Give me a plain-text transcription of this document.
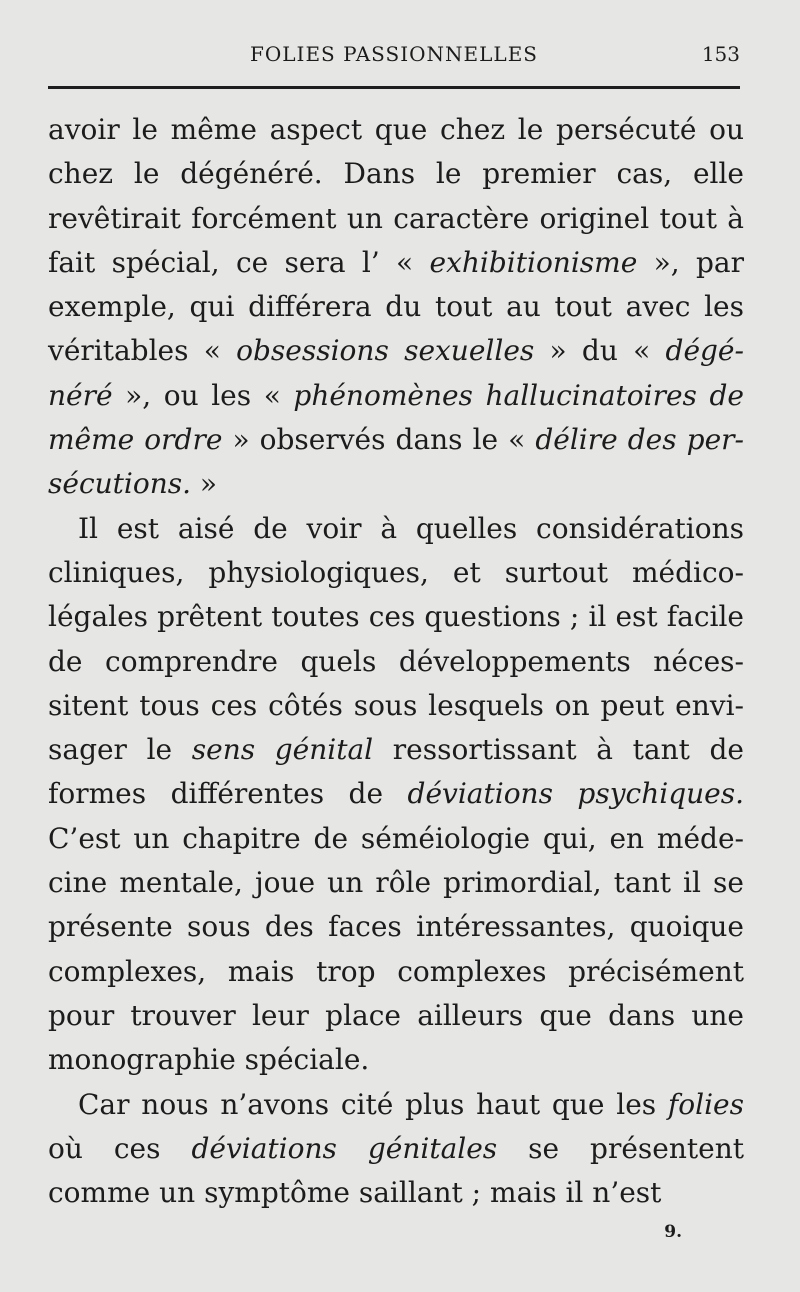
FOLIES PASSIONNELLES	153

avoir le même aspect que chez le persécuté ou chez le dégénéré. Dans le premier cas, elle revêtirait forcément un caractère originel tout à fait spécial, ce sera l’ « exhibitionisme », par exemple, qui différera du tout au tout avec les véritables « obsessions sexuelles » du « dégénéré », ou les « phénomènes hallucinatoires de même ordre » observés dans le « délire des persécutions. »

Il est aisé de voir à quelles considérations cliniques, physiologiques, et surtout médico-légales prêtent toutes ces questions ; il est facile de comprendre quels développements nécessitent tous ces côtés sous lesquels on peut envisager le sens génital ressortissant à tant de formes différentes de déviations psychiques. C’est un chapitre de séméiologie qui, en médecine mentale, joue un rôle primordial, tant il se présente sous des faces intéressantes, quoique complexes, mais trop complexes précisément pour trouver leur place ailleurs que dans une monographie spéciale.

Car nous n’avons cité plus haut que les folies où ces déviations génitales se présentent comme un symptôme saillant ; mais il n’est

9.
